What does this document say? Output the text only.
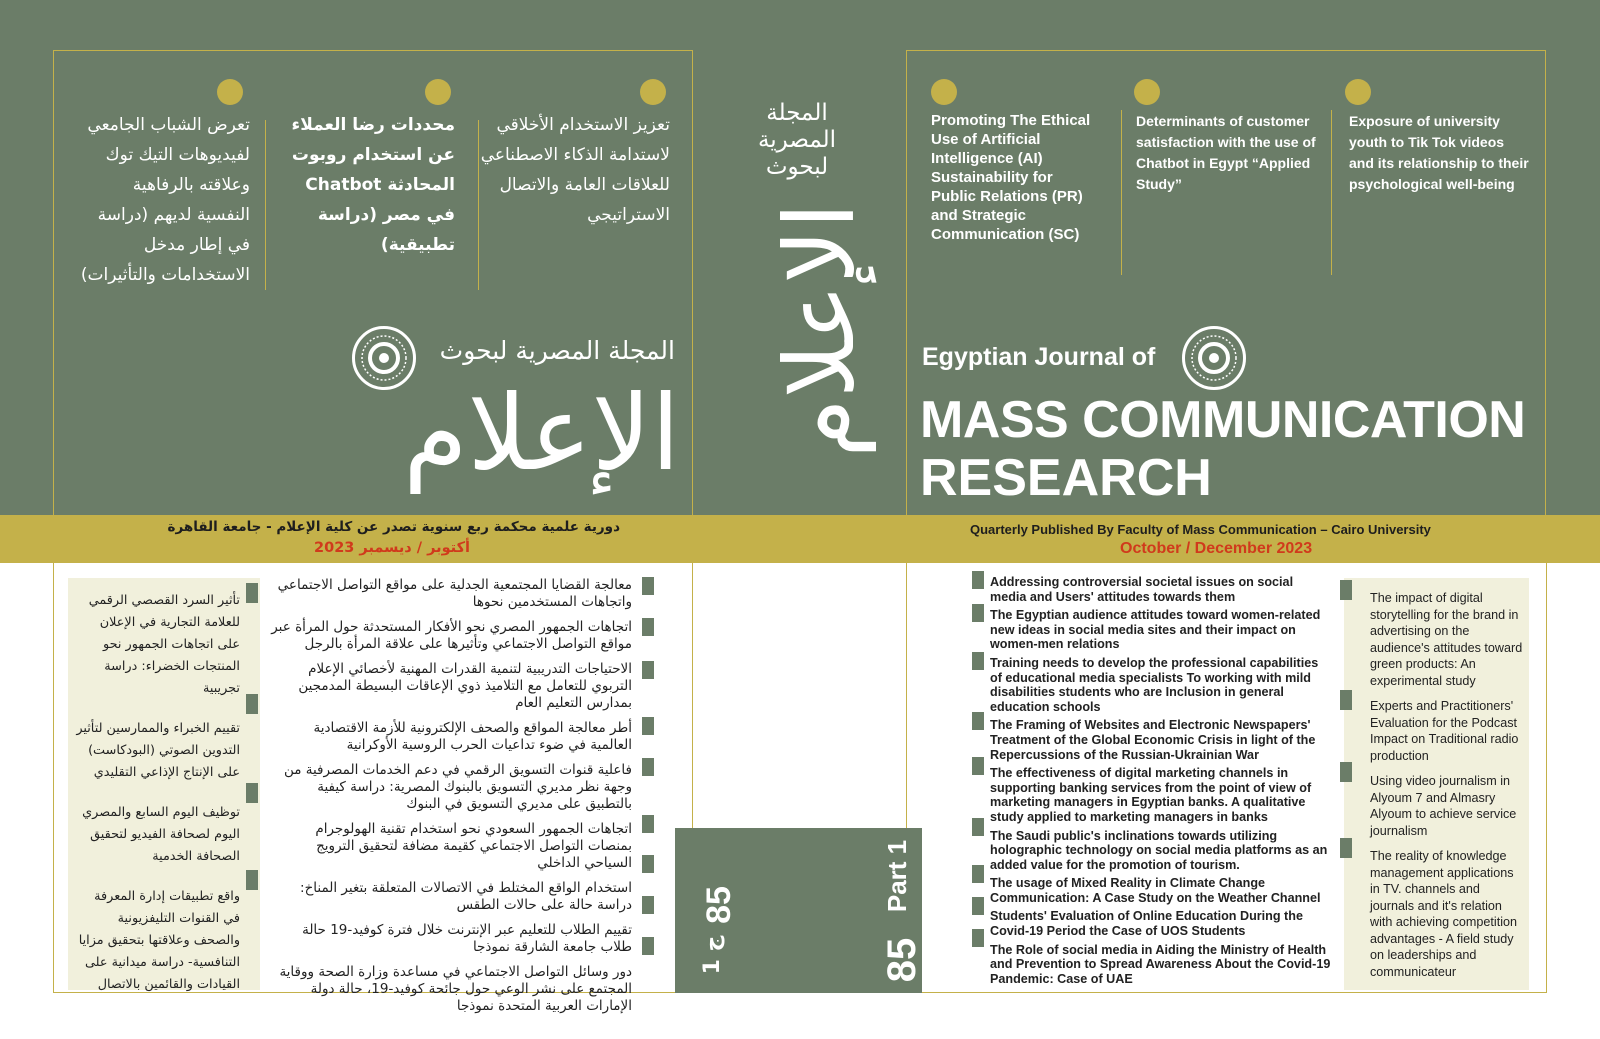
تعزيز الاستخدام الأخلاقي لاستدامة الذكاء الاصطناعي للعلاقات العامة والاتصال الاستراتيجي
محددات رضا العملاء عن استخدام روبوت المحادثة Chatbot في مصر (دراسة تطبيقية)
تعرض الشباب الجامعي لفيديوهات التيك توك وعلاقته بالرفاهية النفسية لديهم (دراسة في إطار مدخل الاستخدامات والتأثيرات)
المجلة المصرية لبحوث
الإعلام
دورية علمية محكمة ربع سنوية تصدر عن كلية الإعلام - جامعة القاهرة
أكتوبر / ديسمبر 2023
المجلة المصرية لبحوث
الإعلام
85
ج 1
Part 1
85
Promoting The Ethical Use of Artificial Intelligence (AI) Sustainability for Public Relations (PR) and Strategic Communication (SC)
Determinants of customer satisfaction with the use of Chatbot in Egypt “Applied Study”
Exposure of university youth to Tik Tok videos and its relationship to their psychological well-being
Egyptian Journal of
MASS COMMUNICATION
RESEARCH
Quarterly Published By Faculty of Mass Communication – Cairo University
October / December 2023
تأثير السرد القصصي الرقمي للعلامة التجارية في الإعلان على اتجاهات الجمهور نحو المنتجات الخضراء: دراسة تجريبية
تقييم الخبراء والممارسين لتأثير التدوين الصوتي (البودكاست) على الإنتاج الإذاعي التقليدي
توظيف اليوم السابع والمصري اليوم لصحافة الفيديو لتحقيق الصحافة الخدمية
واقع تطبيقات إدارة المعرفة في القنوات التليفزيونية والصحف وعلاقتها بتحقيق مزايا التنافسية- دراسة ميدانية على القيادات والقائمين بالاتصال
معالجة القضايا المجتمعية الجدلية على مواقع التواصل الاجتماعي واتجاهات المستخدمين نحوها
اتجاهات الجمهور المصري نحو الأفكار المستحدثة حول المرأة عبر مواقع التواصل الاجتماعي وتأثيرها على علاقة المرأة بالرجل
الاحتياجات التدريبية لتنمية القدرات المهنية لأخصائي الإعلام التربوي للتعامل مع التلاميذ ذوي الإعاقات البسيطة المدمجين بمدارس التعليم العام
أطر معالجة المواقع والصحف الإلكترونية للأزمة الاقتصادية العالمية في ضوء تداعيات الحرب الروسية الأوكرانية
فاعلية قنوات التسويق الرقمي في دعم الخدمات المصرفية من وجهة نظر مديري التسويق بالبنوك المصرية: دراسة كيفية بالتطبيق على مديري التسويق في البنوك
اتجاهات الجمهور السعودي نحو استخدام تقنية الهولوجرام بمنصات التواصل الاجتماعي كقيمة مضافة لتحقيق الترويج السياحي الداخلي
استخدام الواقع المختلط في الاتصالات المتعلقة بتغير المناخ: دراسة حالة على حالات الطقس
تقييم الطلاب للتعليم عبر الإنترنت خلال فترة كوفيد-19 حالة طلاب جامعة الشارقة نموذجا
دور وسائل التواصل الاجتماعي في مساعدة وزارة الصحة ووقاية المجتمع على نشر الوعي حول جائحة كوفيد-19، حالة دولة الإمارات العربية المتحدة نموذجا
Addressing controversial societal issues on social media and Users' attitudes towards them
The Egyptian audience attitudes toward women-related new ideas in social media sites and their impact on women-men relations
Training needs to develop the professional capabilities of educational media specialists To working with mild disabilities students who are Inclusion in general education schools
The Framing of Websites and Electronic Newspapers' Treatment of the Global Economic Crisis in light of the Repercussions of the Russian-Ukrainian War
The effectiveness of digital marketing channels in supporting banking services from the point of view of marketing managers in Egyptian banks. A qualitative study applied to marketing managers in banks
The Saudi public's inclinations towards utilizing holographic technology on social media platforms as an added value for the promotion of tourism.
The usage of Mixed Reality in Climate Change Communication: A Case Study on the Weather Channel
Students' Evaluation of Online Education During the Covid-19 Period the Case of UOS Students
The Role of social media in Aiding the Ministry of Health and Prevention to Spread Awareness About the Covid-19 Pandemic: Case of UAE
The impact of digital storytelling for the brand in advertising on the audience's attitudes toward green products: An experimental study
Experts and Practitioners' Evaluation for the Podcast Impact on Traditional radio production
Using video journalism in Alyoum 7 and Almasry Alyoum to achieve service journalism
The reality of knowledge management applications in TV. channels and journals and it's relation with achieving competition advantages - A field study on leaderships and communicateur
